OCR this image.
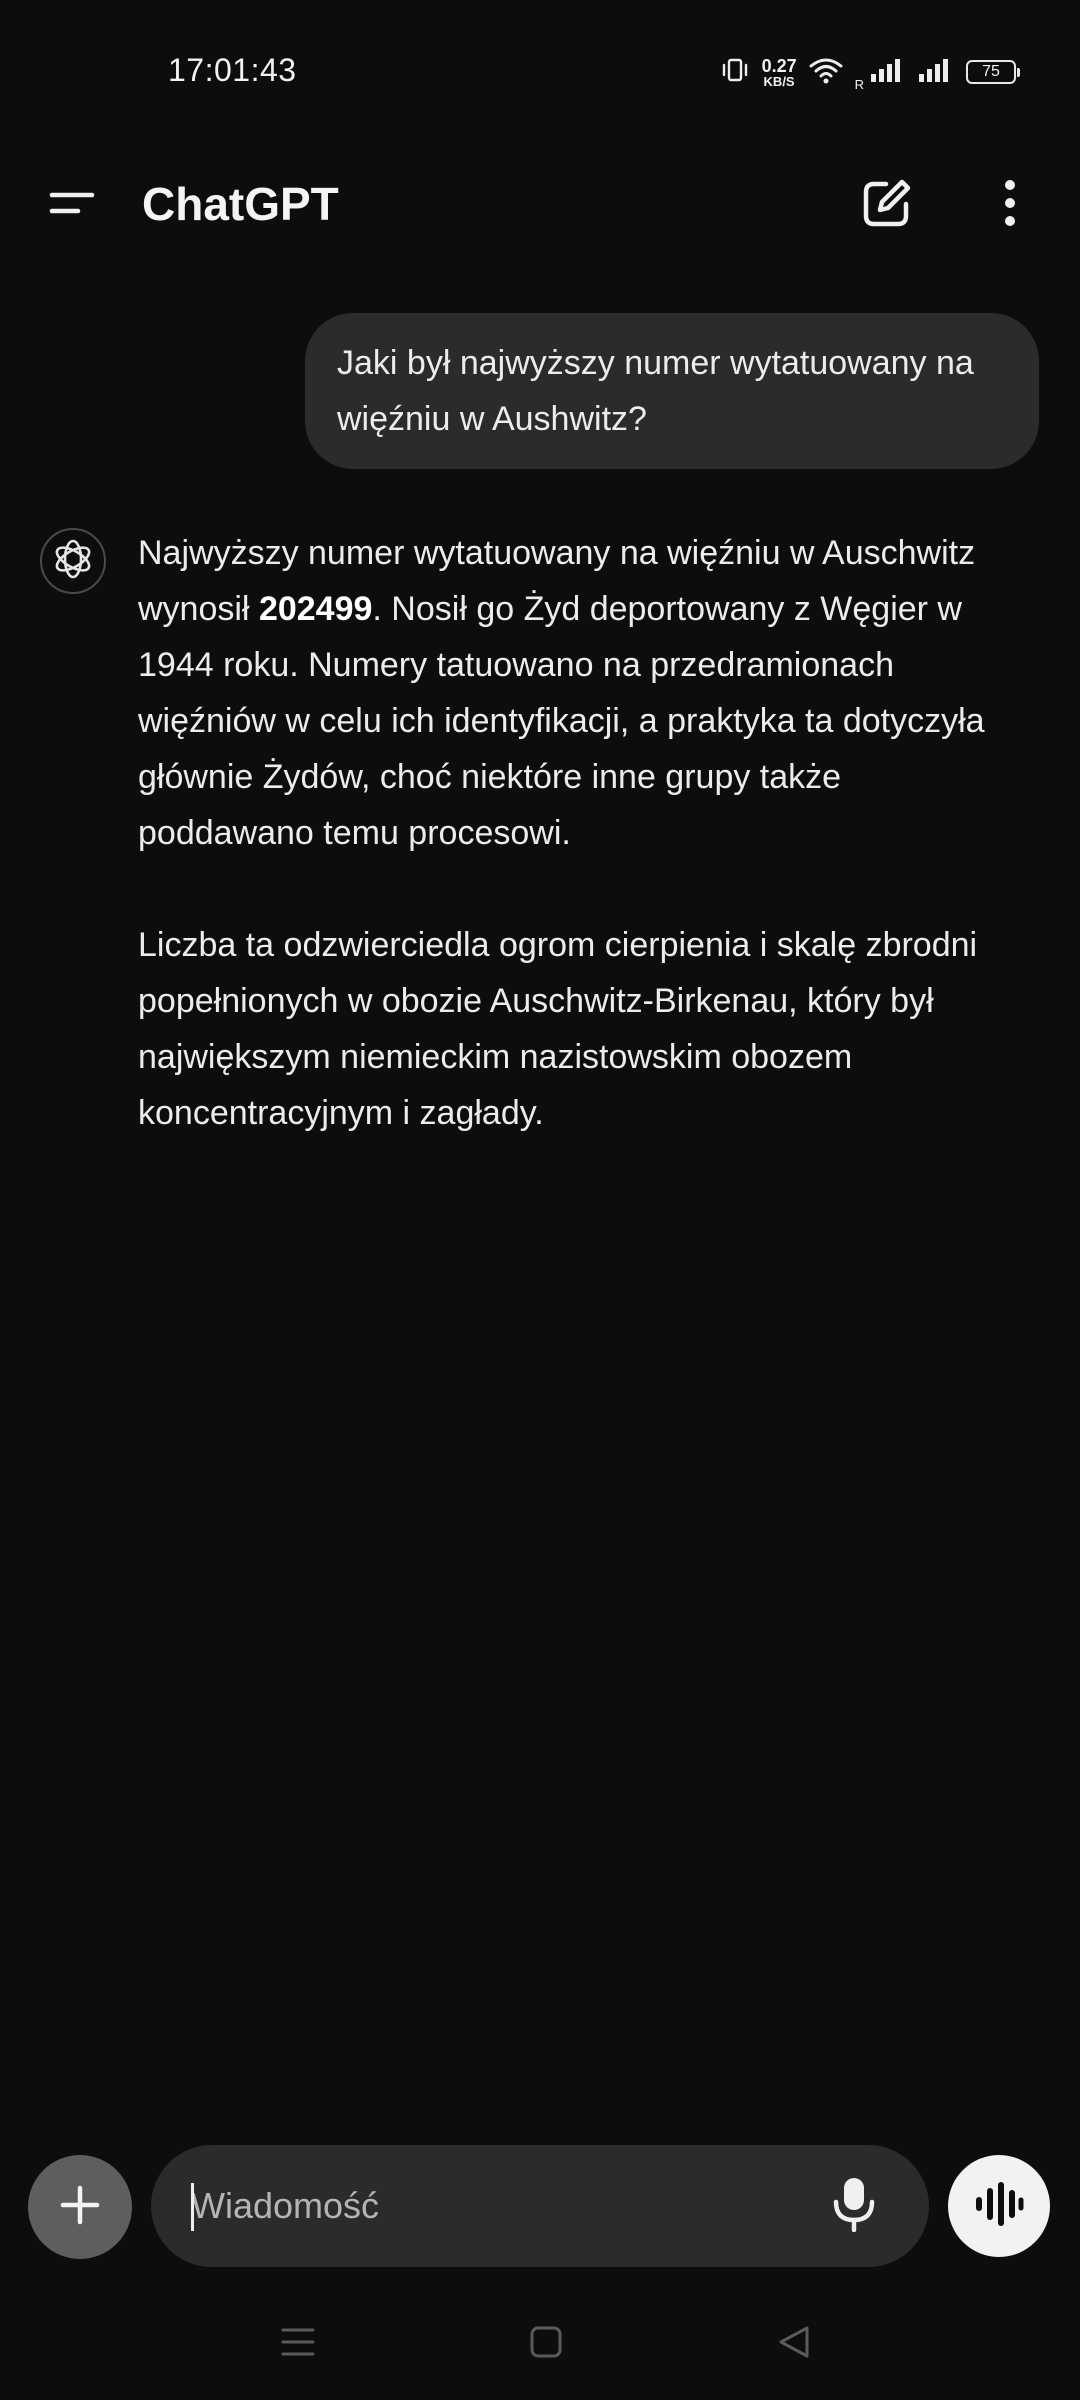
17:01:43	0.27
KB/S	R
75
ChatGPT
Jaki był najwyższy numer wytatuowany na więźniu w Aushwitz?

Najwyższy numer wytatuowany na więźniu w Auschwitz wynosił 202499. Nosił go Żyd deportowany z Węgier w 1944 roku. Numery tatuowano na przedramionach więźniów w celu ich identyfikacji, a praktyka ta dotyczyła głównie Żydów, choć niektóre inne grupy także poddawano temu procesowi.

Liczba ta odzwierciedla ogrom cierpienia i skalę zbrodni popełnionych w obozie Auschwitz-Birkenau, który był największym niemieckim nazistowskim obozem koncentracyjnym i zagłady.

Wiadomość
